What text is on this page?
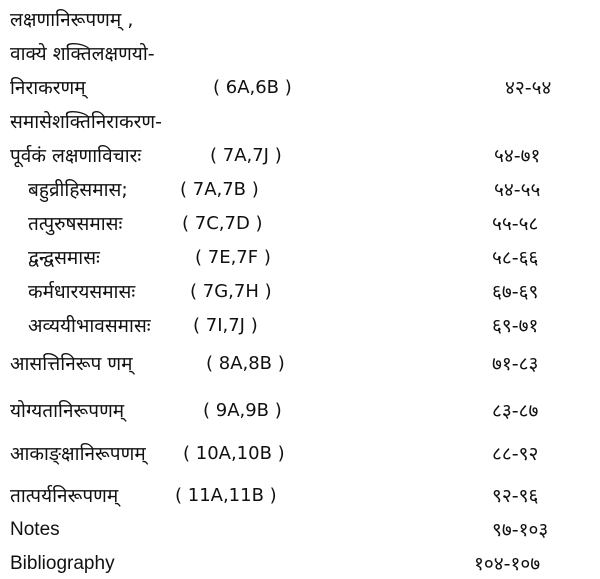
लक्षणानिरूपणम् ,
वाक्ये शक्तिलक्षणयो-
निराकरणम्	( 6A,6B )	४२-५४
समासेशक्तिनिराकरण-
पूर्वकं लक्षणाविचारः	( 7A,7J )	५४-७१
बहुव्रीहिसमास;	( 7A,7B )	५४-५५
तत्पुरुषसमासः	( 7C,7D )	५५-५८
द्वन्द्वसमासः	( 7E,7F )	५८-६६
कर्मधारयसमासः	( 7G,7H )	६७-६९
अव्ययीभावसमासः ( 7I,7J )	६९-७१
आसत्तिनिरूप णम्	( 8A,8B )	७१-८३
योग्यतानिरूपणम्	( 9A,9B )	८३-८७
आकाङ्क्षानिरूपणम् ( 10A,10B )	८८-९२
तात्पर्यनिरूपणम्	( 11A,11B )	९२-९६
Notes	९७-१०३
Bibliography	१०४-१०७
